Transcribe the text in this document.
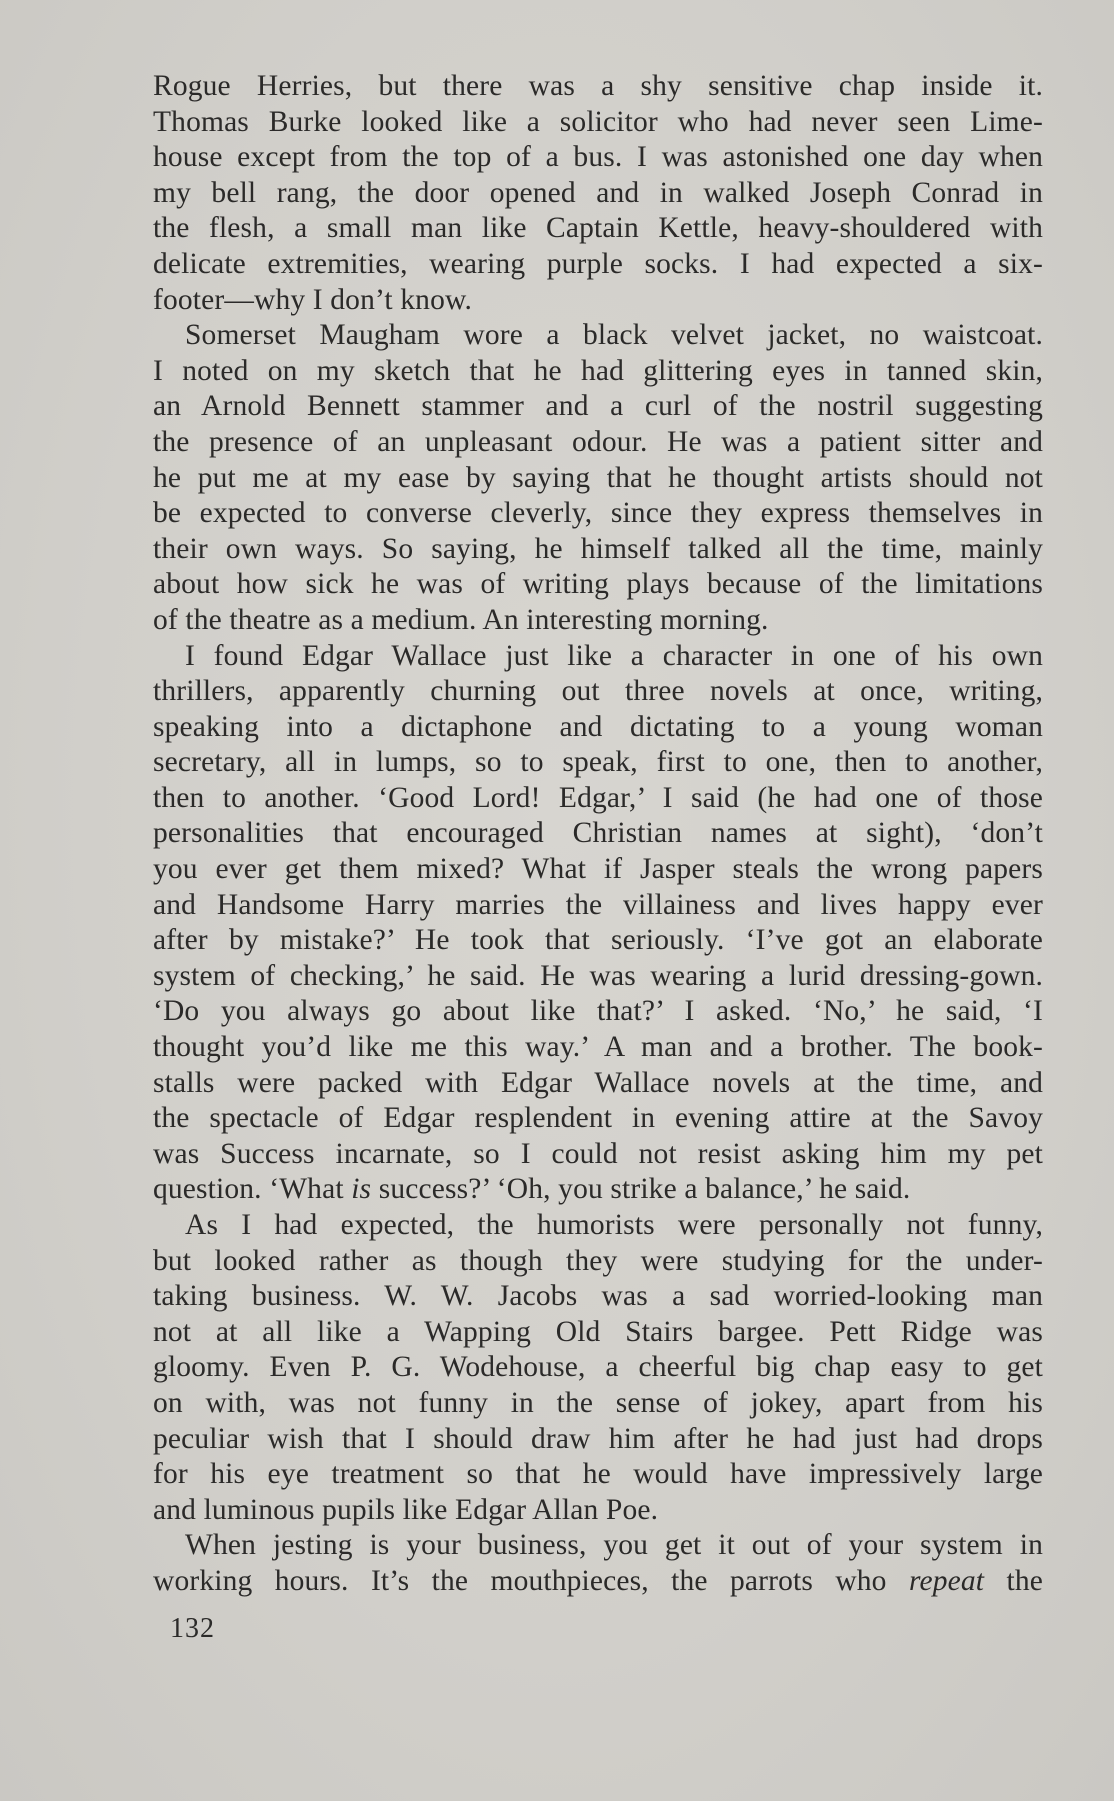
Rogue Herries, but there was a shy sensitive chap inside it.
Thomas Burke looked like a solicitor who had never seen Lime-
house except from the top of a bus. I was astonished one day when
my bell rang, the door opened and in walked Joseph Conrad in
the flesh, a small man like Captain Kettle, heavy-shouldered with
delicate extremities, wearing purple socks. I had expected a six-
footer—why I don’t know.
Somerset Maugham wore a black velvet jacket, no waistcoat.
I noted on my sketch that he had glittering eyes in tanned skin,
an Arnold Bennett stammer and a curl of the nostril suggesting
the presence of an unpleasant odour. He was a patient sitter and
he put me at my ease by saying that he thought artists should not
be expected to converse cleverly, since they express themselves in
their own ways. So saying, he himself talked all the time, mainly
about how sick he was of writing plays because of the limitations
of the theatre as a medium. An interesting morning.
I found Edgar Wallace just like a character in one of his own
thrillers, apparently churning out three novels at once, writing,
speaking into a dictaphone and dictating to a young woman
secretary, all in lumps, so to speak, first to one, then to another,
then to another. ‘Good Lord! Edgar,’ I said (he had one of those
personalities that encouraged Christian names at sight), ‘don’t
you ever get them mixed? What if Jasper steals the wrong papers
and Handsome Harry marries the villainess and lives happy ever
after by mistake?’ He took that seriously. ‘I’ve got an elaborate
system of checking,’ he said. He was wearing a lurid dressing-gown.
‘Do you always go about like that?’ I asked. ‘No,’ he said, ‘I
thought you’d like me this way.’ A man and a brother. The book-
stalls were packed with Edgar Wallace novels at the time, and
the spectacle of Edgar resplendent in evening attire at the Savoy
was Success incarnate, so I could not resist asking him my pet
question. ‘What is success?’ ‘Oh, you strike a balance,’ he said.
As I had expected, the humorists were personally not funny,
but looked rather as though they were studying for the under-
taking business. W. W. Jacobs was a sad worried-looking man
not at all like a Wapping Old Stairs bargee. Pett Ridge was
gloomy. Even P. G. Wodehouse, a cheerful big chap easy to get
on with, was not funny in the sense of jokey, apart from his
peculiar wish that I should draw him after he had just had drops
for his eye treatment so that he would have impressively large
and luminous pupils like Edgar Allan Poe.
When jesting is your business, you get it out of your system in
working hours. It’s the mouthpieces, the parrots who repeat the
132
